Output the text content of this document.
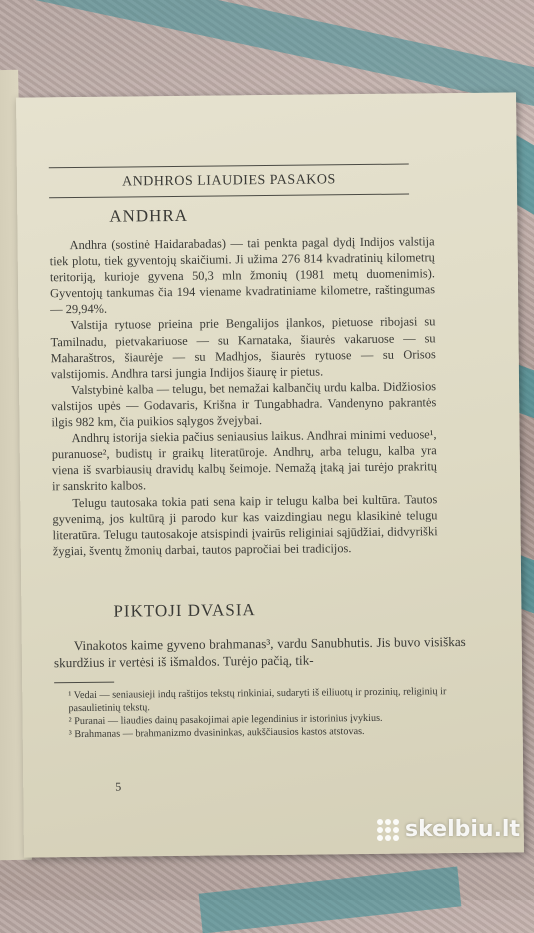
ANDHROS LIAUDIES PASAKOS
ANDHRA

Andhra (sostinė Haidarabadas) — tai penkta pagal dydį Indijos valstija tiek plotu, tiek gyventojų skaičiumi. Ji užima 276 814 kvadratinių kilometrų teritoriją, kurioje gyvena 50,3 mln žmonių (1981 metų duomenimis). Gyventojų tankumas čia 194 viename kvadratiniame kilometre, raštingumas — 29,94%.

Valstija rytuose prieina prie Bengalijos įlankos, pietuose ribojasi su Tamilnadu, pietvakariuose — su Karnataka, šiaurės vakaruose — su Maharaštros, šiaurėje — su Madhjos, šiaurės rytuose — su Orisos valstijomis. Andhra tarsi jungia Indijos šiaurę ir pietus.

Valstybinė kalba — telugu, bet nemažai kalbančių urdu kalba. Didžiosios valstijos upės — Godavaris, Krišna ir Tungabhadra. Vandenyno pakrantės ilgis 982 km, čia puikios sąlygos žvejybai.

Andhrų istorija siekia pačius seniausius laikus. Andhrai minimi veduose¹, puranuose², budistų ir graikų literatūroje. Andhrų, arba telugu, kalba yra viena iš svarbiausių dravidų kalbų šeimoje. Nemažą įtaką jai turėjo prakritų ir sanskrito kalbos.

Telugu tautosaka tokia pati sena kaip ir telugu kalba bei kultūra. Tautos gyvenimą, jos kultūrą ji parodo kur kas vaizdingiau negu klasikinė telugu literatūra. Telugu tautosakoje atsispindi įvairūs religiniai sąjūdžiai, didvyriški žygiai, šventų žmonių darbai, tautos papročiai bei tradicijos.

PIKTOJI DVASIA

Vinakotos kaime gyveno brahmanas³, vardu Sanubhutis. Jis buvo visiškas skurdžius ir vertėsi iš išmaldos. Turėjo pačią, tik-

¹ Vedai — seniausieji indų raštijos tekstų rinkiniai, sudaryti iš eiliuotų ir prozinių, religinių ir pasaulietinių tekstų.

² Puranai — liaudies dainų pasakojimai apie legendinius ir istorinius įvykius.

³ Brahmanas — brahmanizmo dvasininkas, aukščiausios kastos atstovas.

5
skelbiu.lt
